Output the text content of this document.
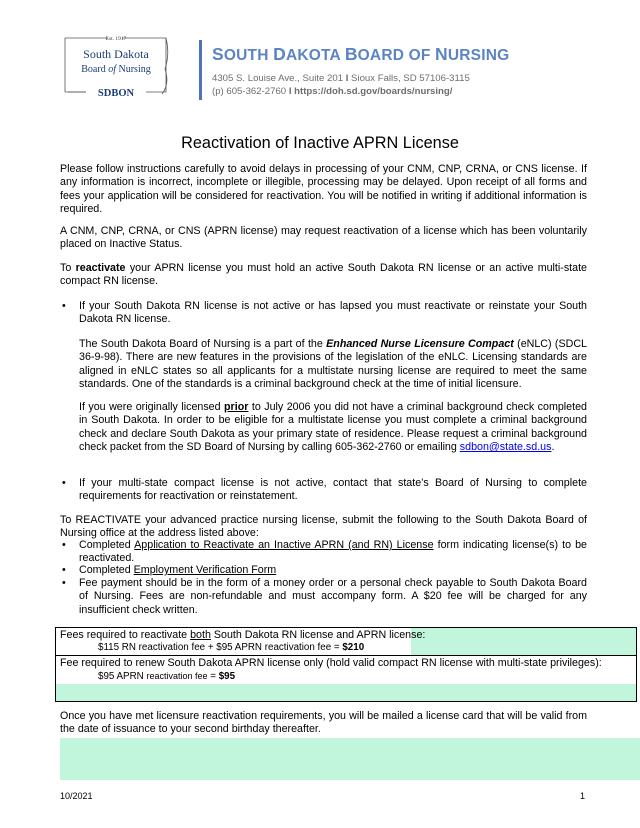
Est. 1917
South Dakota
Board of Nursing
SDBON
SOUTH DAKOTA BOARD OF NURSING
4305 S. Louise Ave., Suite 201 I Sioux Falls, SD 57106-3115
(p) 605-362-2760 I https://doh.sd.gov/boards/nursing/
Reactivation of Inactive APRN License
Please follow instructions carefully to avoid delays in processing of your CNM, CNP, CRNA, or CNS license. If any information is incorrect, incomplete or illegible, processing may be delayed. Upon receipt of all forms and fees your application will be considered for reactivation. You will be notified in writing if additional information is required.
A CNM, CNP, CRNA, or CNS (APRN license) may request reactivation of a license which has been voluntarily placed on Inactive Status.
To reactivate your APRN license you must hold an active South Dakota RN license or an active multi-state compact RN license.
• If your South Dakota RN license is not active or has lapsed you must reactivate or reinstate your South Dakota RN license.
The South Dakota Board of Nursing is a part of the Enhanced Nurse Licensure Compact (eNLC) (SDCL 36-9-98). There are new features in the provisions of the legislation of the eNLC. Licensing standards are aligned in eNLC states so all applicants for a multistate nursing license are required to meet the same standards. One of the standards is a criminal background check at the time of initial licensure.
If you were originally licensed prior to July 2006 you did not have a criminal background check completed in South Dakota. In order to be eligible for a multistate license you must complete a criminal background check and declare South Dakota as your primary state of residence. Please request a criminal background check packet from the SD Board of Nursing by calling 605-362-2760 or emailing sdbon@state.sd.us.
• If your multi-state compact license is not active, contact that state’s Board of Nursing to complete requirements for reactivation or reinstatement.
To REACTIVATE your advanced practice nursing license, submit the following to the South Dakota Board of Nursing office at the address listed above:
• Completed Application to Reactivate an Inactive APRN (and RN) License form indicating license(s) to be reactivated.
• Completed Employment Verification Form
• Fee payment should be in the form of a money order or a personal check payable to South Dakota Board of Nursing. Fees are non-refundable and must accompany form. A $20 fee will be charged for any insufficient check written.
Fees required to reactivate both South Dakota RN license and APRN license:
$115 RN reactivation fee + $95 APRN reactivation fee = $210
Fee required to renew South Dakota APRN license only (hold valid compact RN license with multi-state privileges):
$95 APRN reactivation fee = $95
Once you have met licensure reactivation requirements, you will be mailed a license card that will be valid from the date of issuance to your second birthday thereafter.
10/2021	1
